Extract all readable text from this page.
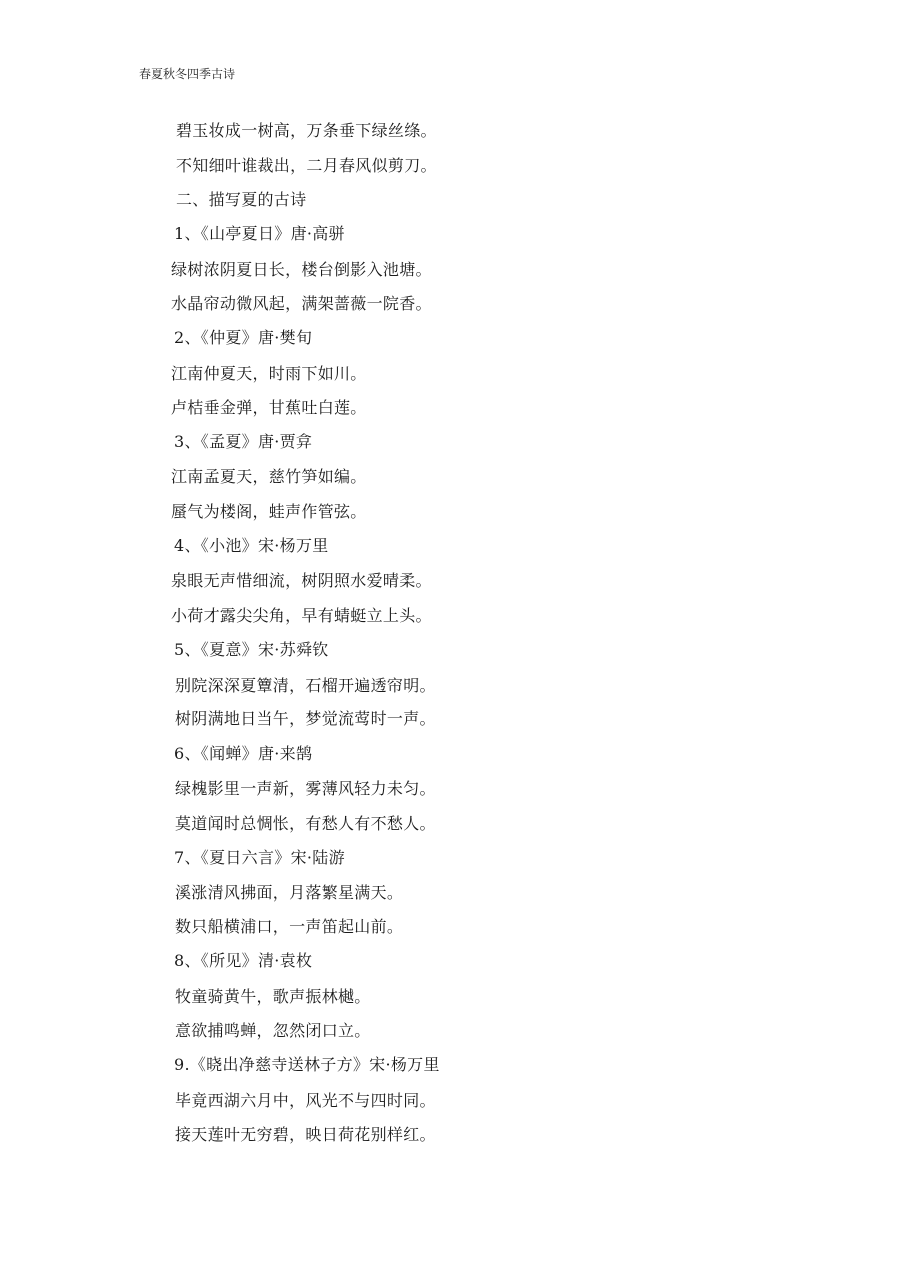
春夏秋冬四季古诗
碧玉妆成一树高，万条垂下绿丝绦。
不知细叶谁裁出，二月春风似剪刀。
二、描写夏的古诗
1、《山亭夏日》唐·高骈
绿树浓阴夏日长，楼台倒影入池塘。
水晶帘动微风起，满架蔷薇一院香。
2、《仲夏》唐·樊旬
江南仲夏天，时雨下如川。
卢桔垂金弹，甘蕉吐白莲。
3、《孟夏》唐·贾弇
江南孟夏天，慈竹笋如编。
蜃气为楼阁，蛙声作管弦。
4、《小池》宋·杨万里
泉眼无声惜细流，树阴照水爱晴柔。
小荷才露尖尖角，早有蜻蜓立上头。
5、《夏意》宋·苏舜钦
别院深深夏簟清，石榴开遍透帘明。
树阴满地日当午，梦觉流莺时一声。
6、《闻蝉》唐·来鹄
绿槐影里一声新，雾薄风轻力未匀。
莫道闻时总惆怅，有愁人有不愁人。
7、《夏日六言》宋·陆游
溪涨清风拂面，月落繁星满天。
数只船横浦口，一声笛起山前。
8、《所见》清·袁枚
牧童骑黄牛，歌声振林樾。
意欲捕鸣蝉，忽然闭口立。
9.《晓出净慈寺送林子方》宋·杨万里
毕竟西湖六月中，风光不与四时同。
接天莲叶无穷碧，映日荷花别样红。
